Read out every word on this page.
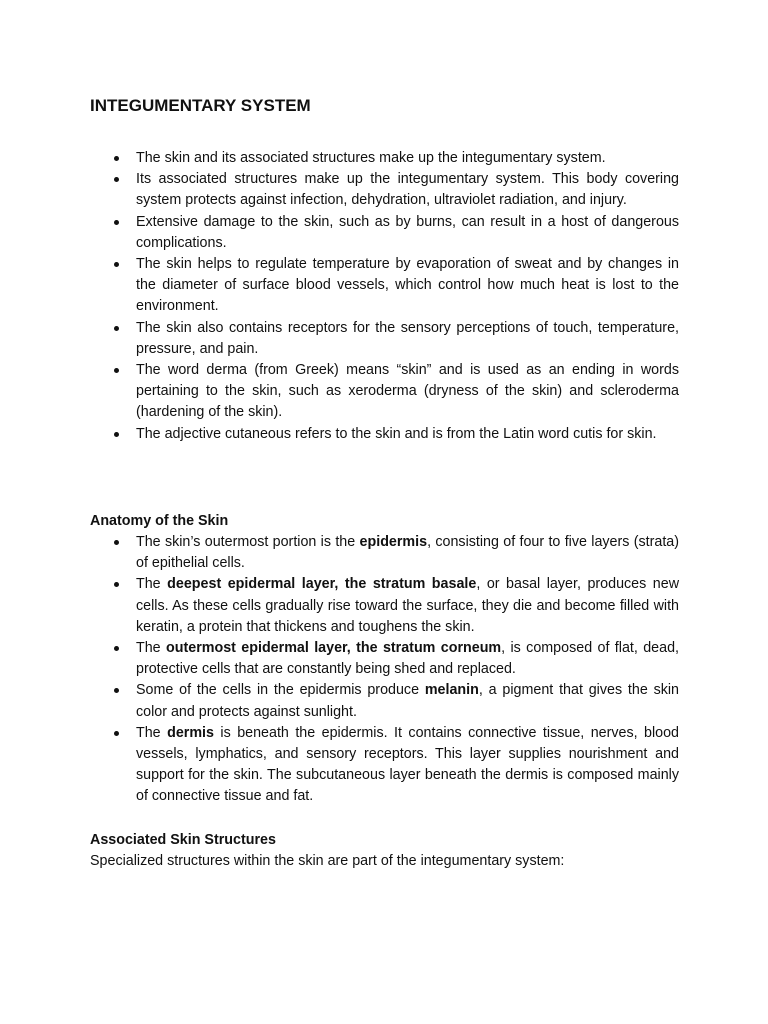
INTEGUMENTARY SYSTEM
The skin and its associated structures make up the integumentary system.
Its associated structures make up the integumentary system. This body covering system protects against infection, dehydration, ultraviolet radiation, and injury.
Extensive damage to the skin, such as by burns, can result in a host of dangerous complications.
The skin helps to regulate temperature by evaporation of sweat and by changes in the diameter of surface blood vessels, which control how much heat is lost to the environment.
The skin also contains receptors for the sensory perceptions of touch, temperature, pressure, and pain.
The word derma (from Greek) means “skin” and is used as an ending in words pertaining to the skin, such as xeroderma (dryness of the skin) and scleroderma (hardening of the skin).
The adjective cutaneous refers to the skin and is from the Latin word cutis for skin.
Anatomy of the Skin
The skin’s outermost portion is the epidermis, consisting of four to five layers (strata) of epithelial cells.
The deepest epidermal layer, the stratum basale, or basal layer, produces new cells. As these cells gradually rise toward the surface, they die and become filled with keratin, a protein that thickens and toughens the skin.
The outermost epidermal layer, the stratum corneum, is composed of flat, dead, protective cells that are constantly being shed and replaced.
Some of the cells in the epidermis produce melanin, a pigment that gives the skin color and protects against sunlight.
The dermis is beneath the epidermis. It contains connective tissue, nerves, blood vessels, lymphatics, and sensory receptors. This layer supplies nourishment and support for the skin. The subcutaneous layer beneath the dermis is composed mainly of connective tissue and fat.
Associated Skin Structures
Specialized structures within the skin are part of the integumentary system:
